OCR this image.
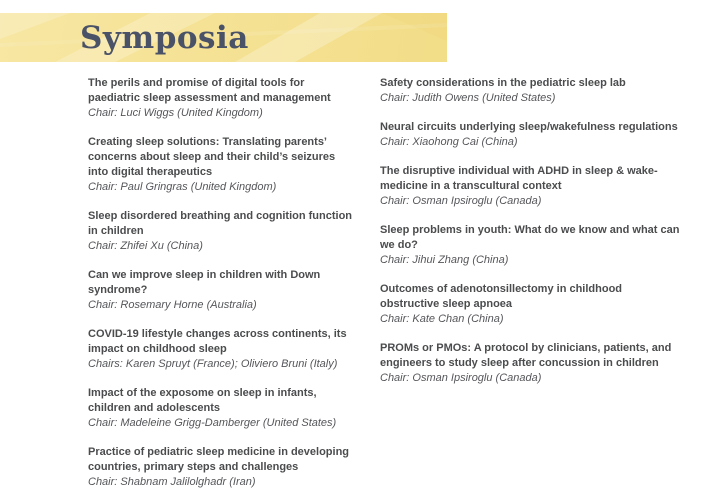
Symposia
The perils and promise of digital tools for paediatric sleep assessment and management
Chair: Luci Wiggs (United Kingdom)
Creating sleep solutions: Translating parents’ concerns about sleep and their child’s seizures into digital therapeutics
Chair: Paul Gringras (United Kingdom)
Sleep disordered breathing and cognition function in children
Chair: Zhifei Xu (China)
Can we improve sleep in children with Down syndrome?
Chair: Rosemary Horne (Australia)
COVID-19 lifestyle changes across continents, its impact on childhood sleep
Chairs: Karen Spruyt (France); Oliviero Bruni (Italy)
Impact of the exposome on sleep in infants, children and adolescents
Chair: Madeleine Grigg-Damberger (United States)
Practice of pediatric sleep medicine in developing countries, primary steps and challenges
Chair: Shabnam Jalilolghadr (Iran)
Safety considerations in the pediatric sleep lab
Chair: Judith Owens (United States)
Neural circuits underlying sleep/wakefulness regulations
Chair: Xiaohong Cai (China)
The disruptive individual with ADHD in sleep & wake-medicine in a transcultural context
Chair: Osman Ipsiroglu (Canada)
Sleep problems in youth: What do we know and what can we do?
Chair: Jihui Zhang (China)
Outcomes of adenotonsillectomy in childhood obstructive sleep apnoea
Chair: Kate Chan (China)
PROMs or PMOs: A protocol by clinicians, patients, and engineers to study sleep after concussion in children
Chair: Osman Ipsiroglu (Canada)
